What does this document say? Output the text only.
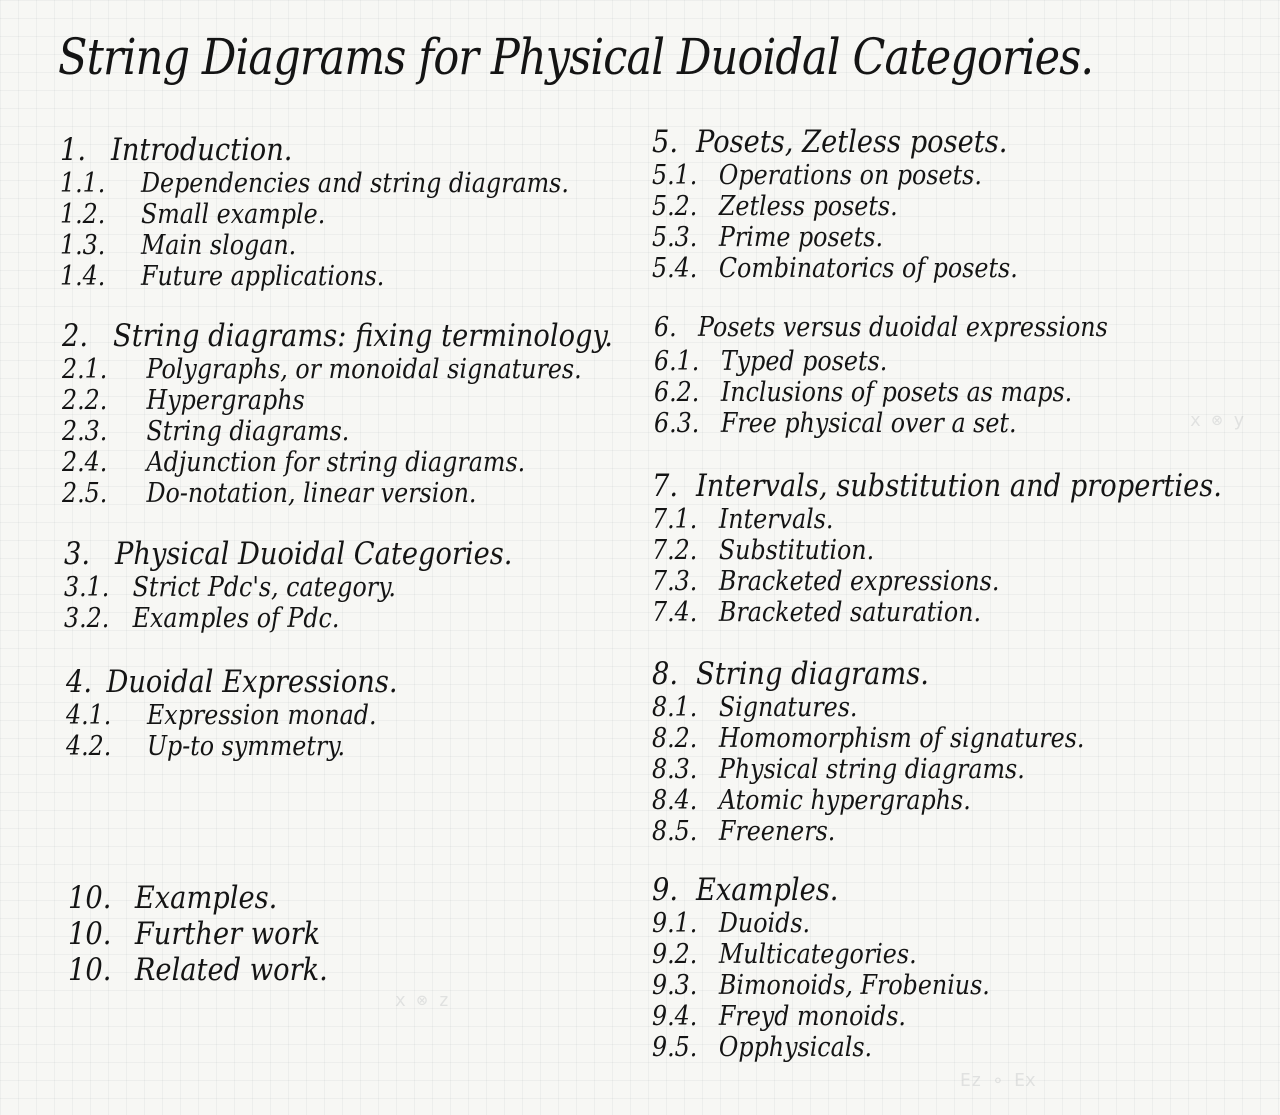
String Diagrams for Physical Duoidal Categories.
x ⊗ y
x ⊗ z
Ez ∘ Ex
1. Introduction.
1.1. Dependencies and string diagrams.
1.2. Small example.
1.3. Main slogan.
1.4. Future applications.
2. String diagrams: fixing terminology.
2.1. Polygraphs, or monoidal signatures.
2.2. Hypergraphs
2.3. String diagrams.
2.4. Adjunction for string diagrams.
2.5. Do-notation, linear version.
3. Physical Duoidal Categories.
3.1. Strict Pdc's, category.
3.2. Examples of Pdc.
4. Duoidal Expressions.
4.1. Expression monad.
4.2. Up-to symmetry.
10. Examples.
10. Further work
10. Related work.
5. Posets, Zetless posets.
5.1. Operations on posets.
5.2. Zetless posets.
5.3. Prime posets.
5.4. Combinatorics of posets.
6. Posets versus duoidal expressions
6.1. Typed posets.
6.2. Inclusions of posets as maps.
6.3. Free physical over a set.
7. Intervals, substitution and properties.
7.1. Intervals.
7.2. Substitution.
7.3. Bracketed expressions.
7.4. Bracketed saturation.
8. String diagrams.
8.1. Signatures.
8.2. Homomorphism of signatures.
8.3. Physical string diagrams.
8.4. Atomic hypergraphs.
8.5. Freeners.
9. Examples.
9.1. Duoids.
9.2. Multicategories.
9.3. Bimonoids, Frobenius.
9.4. Freyd monoids.
9.5. Opphysicals.
